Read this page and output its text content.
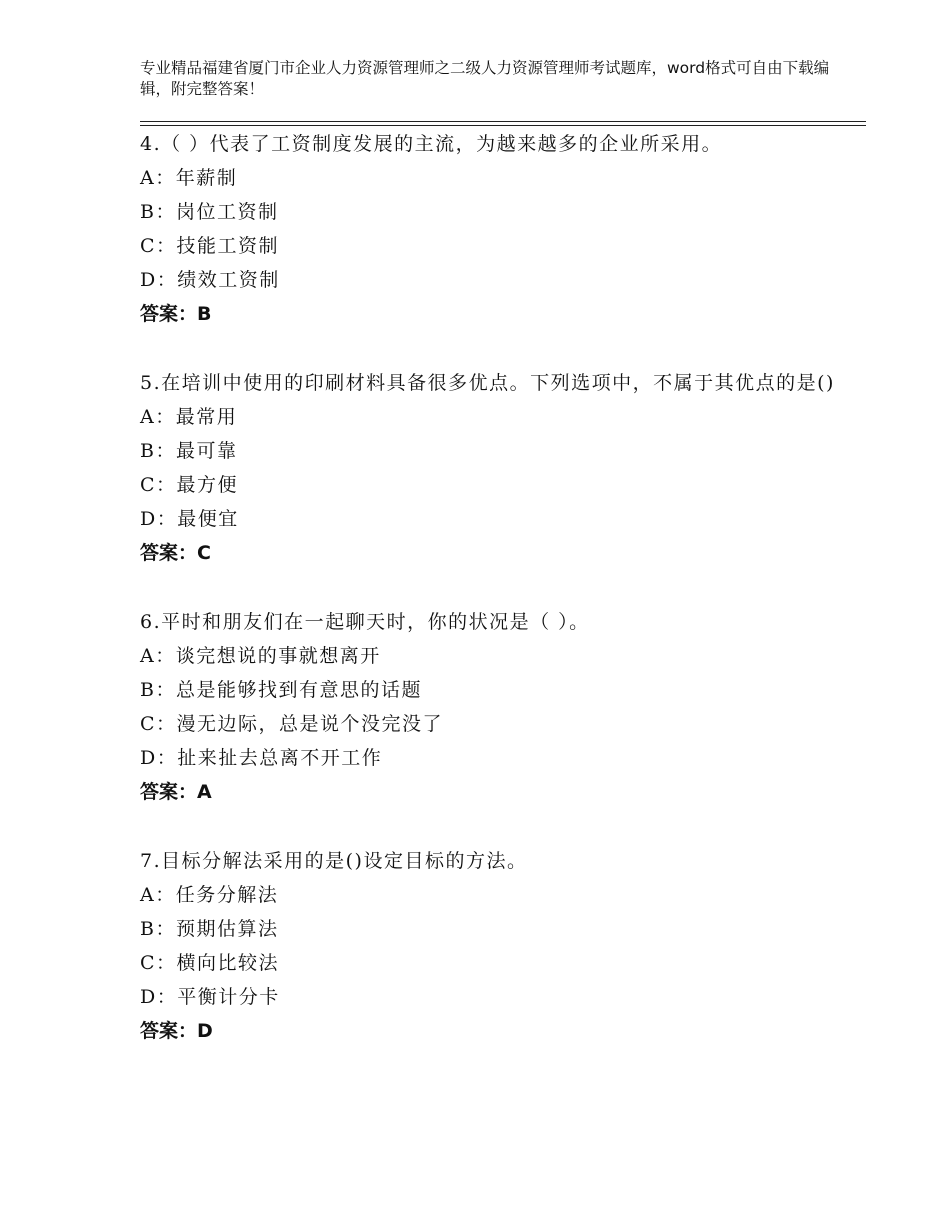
专业精品福建省厦门市企业人力资源管理师之二级人力资源管理师考试题库，word格式可自由下载编辑，附完整答案！

4.（ ）代表了工资制度发展的主流，为越来越多的企业所采用。

A：年薪制

B：岗位工资制

C：技能工资制

D：绩效工资制

答案：B

5.在培训中使用的印刷材料具备很多优点。下列选项中，不属于其优点的是()

A：最常用

B：最可靠

C：最方便

D：最便宜

答案：C

6.平时和朋友们在一起聊天时，你的状况是（ ）。

A：谈完想说的事就想离开

B：总是能够找到有意思的话题

C：漫无边际，总是说个没完没了

D：扯来扯去总离不开工作

答案：A

7.目标分解法采用的是()设定目标的方法。

A：任务分解法

B：预期估算法

C：横向比较法

D：平衡计分卡

答案：D
